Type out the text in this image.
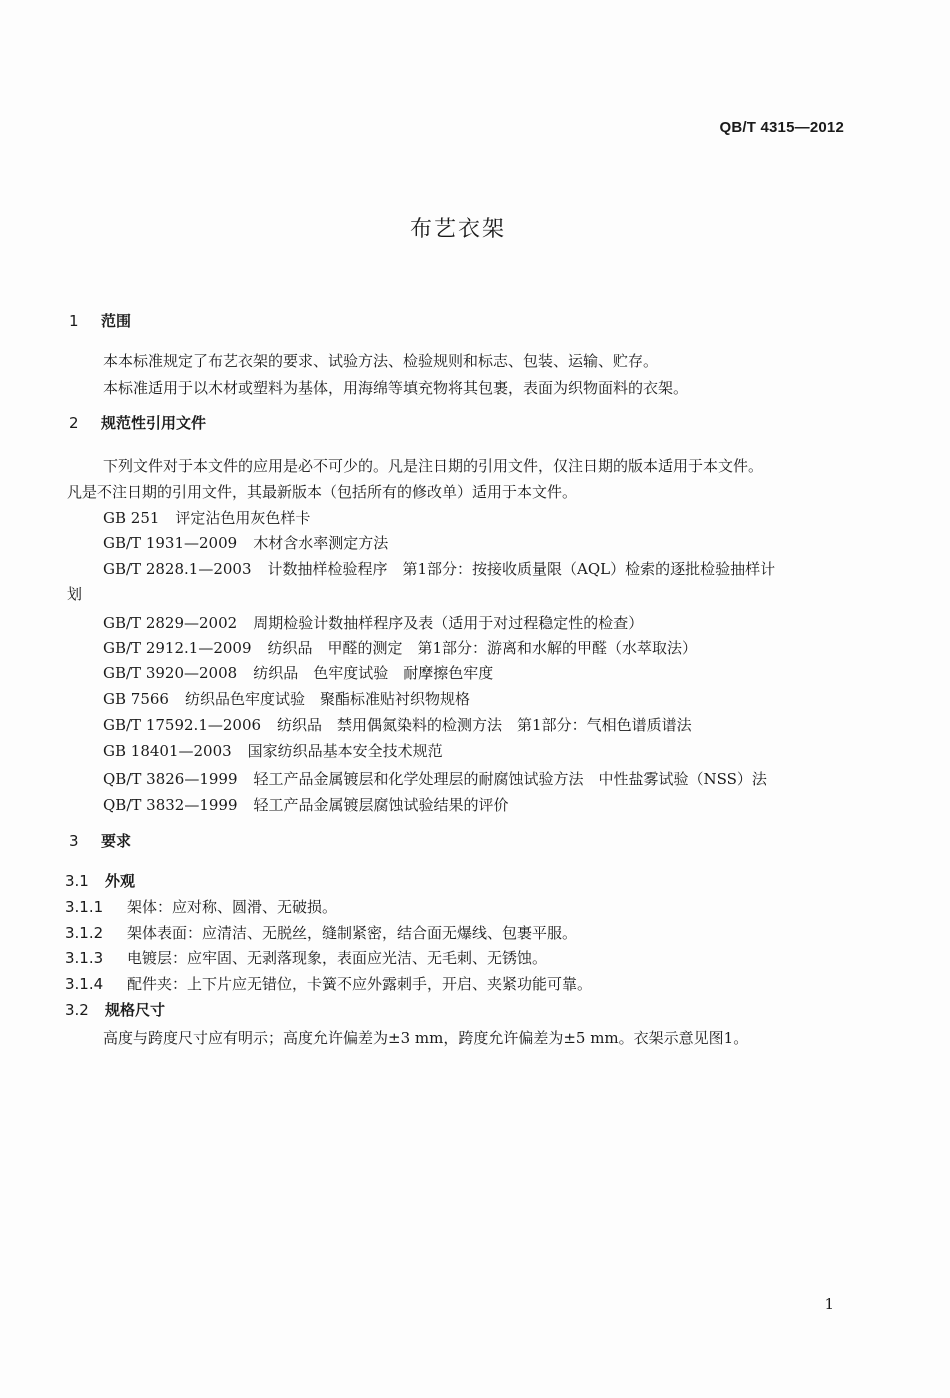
QB/T 4315—2012
布艺衣架
1 范围
本本标准规定了布艺衣架的要求、试验方法、检验规则和标志、包装、运输、贮存。
本标准适用于以木材或塑料为基体，用海绵等填充物将其包裹，表面为织物面料的衣架。
2 规范性引用文件
下列文件对于本文件的应用是必不可少的。凡是注日期的引用文件，仅注日期的版本适用于本文件。
凡是不注日期的引用文件，其最新版本（包括所有的修改单）适用于本文件。
GB 251 评定沾色用灰色样卡
GB/T 1931—2009 木材含水率测定方法
GB/T 2828.1—2003 计数抽样检验程序　第1部分：按接收质量限（AQL）检索的逐批检验抽样计
划
GB/T 2829—2002 周期检验计数抽样程序及表（适用于对过程稳定性的检查）
GB/T 2912.1—2009 纺织品　甲醛的测定　第1部分：游离和水解的甲醛（水萃取法）
GB/T 3920—2008 纺织品　色牢度试验　耐摩擦色牢度
GB 7566 纺织品色牢度试验　聚酯标准贴衬织物规格
GB/T 17592.1—2006 纺织品　禁用偶氮染料的检测方法　第1部分：气相色谱质谱法
GB 18401—2003 国家纺织品基本安全技术规范
QB/T 3826—1999 轻工产品金属镀层和化学处理层的耐腐蚀试验方法　中性盐雾试验（NSS）法
QB/T 3832—1999 轻工产品金属镀层腐蚀试验结果的评价
3 要求
3.1 外观
3.1.1 架体：应对称、圆滑、无破损。
3.1.2 架体表面：应清洁、无脱丝，缝制紧密，结合面无爆线、包裹平服。
3.1.3 电镀层：应牢固、无剥落现象，表面应光洁、无毛刺、无锈蚀。
3.1.4 配件夹：上下片应无错位，卡簧不应外露刺手，开启、夹紧功能可靠。
3.2 规格尺寸
高度与跨度尺寸应有明示；高度允许偏差为±3 mm，跨度允许偏差为±5 mm。衣架示意见图1。
1
